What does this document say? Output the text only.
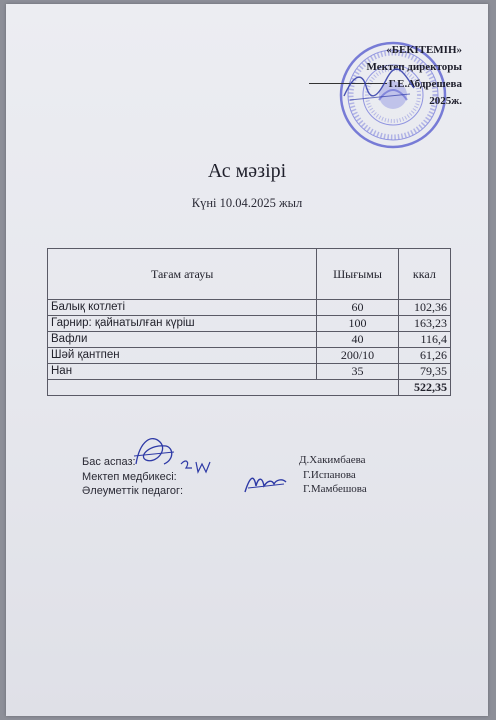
«БЕКІТЕМІН»
Мектеп директоры
Г.Е.Абдрешева
2025ж.
Ас мәзірі
Күні 10.04.2025 жыл
Тағам атауы	Шығымы	ккал
Балық котлеті	60	102,36
Гарнир: қайнатылған күріш	100	163,23
Вафли	40	116,4
Шәй қантпен	200/10	61,26
Нан	35	79,35
		522,35
Бас аспаз:
Мектеп медбикесі:
Әлеуметтік педагог:
Д.Хакимбаева
Г.Испанова
Г.Мамбешова
